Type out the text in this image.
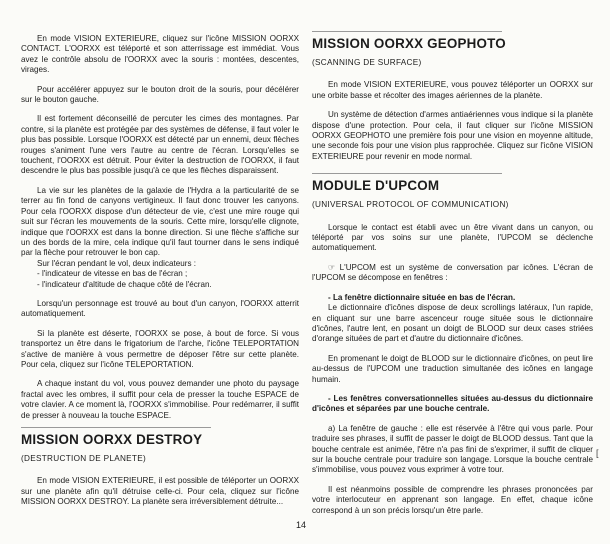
En mode VISION EXTERIEURE, cliquez sur l'icône MISSION OORXX CONTACT. L'OORXX est téléporté et son atterrissage est immédiat. Vous avez le contrôle absolu de l'OORXX avec la souris : montées, descentes, virages.

Pour accélérer appuyez sur le bouton droit de la souris, pour décélérer sur le bouton gauche.

Il est fortement déconseillé de percuter les cimes des montagnes. Par contre, si la planète est protégée par des systèmes de défense, il faut voler le plus bas possible. Lorsque l'OORXX est détecté par un ennemi, deux flèches rouges s'animent l'une vers l'autre au centre de l'écran. Lorsqu'elles se touchent, l'OORXX est détruit. Pour éviter la destruction de l'OORXX, il faut descendre le plus bas possible jusqu'à ce que les flèches disparaissent.

La vie sur les planètes de la galaxie de l'Hydra a la particularité de se terrer au fin fond de canyons vertigineux. Il faut donc trouver les canyons. Pour cela l'OORXX dispose d'un détecteur de vie, c'est une mire rouge qui suit sur l'écran les mouvements de la souris. Cette mire, lorsqu'elle clignote, indique que l'OORXX est dans la bonne direction. Si une flèche s'affiche sur un des bords de la mire, cela indique qu'il faut tourner dans le sens indiqué par la flèche pour retrouver le bon cap.

Sur l'écran pendant le vol, deux indicateurs :
- l'indicateur de vitesse en bas de l'écran ;
- l'indicateur d'altitude de chaque côté de l'écran.

Lorsqu'un personnage est trouvé au bout d'un canyon, l'OORXX atterrit automatiquement.

Si la planète est déserte, l'OORXX se pose, à bout de force. Si vous transportez un être dans le frigatorium de l'arche, l'icône TELEPORTATION s'active de manière à vous permettre de déposer l'être sur cette planète. Pour cela, cliquez sur l'icône TELEPORTATION.

A chaque instant du vol, vous pouvez demander une photo du paysage fractal avec les ombres, il suffit pour cela de presser la touche ESPACE de votre clavier. A ce moment là, l'OORXX s'immobilise. Pour redémarrer, il suffit de presser à nouveau la touche ESPACE.

MISSION OORXX DESTROY
(DESTRUCTION DE PLANETE)

En mode VISION EXTERIEURE, il est possible de téléporter un OORXX sur une planète afin qu'il détruise celle-ci. Pour cela, cliquez sur l'icône MISSION OORXX DESTROY. La planète sera irréversiblement détruite...

MISSION OORXX GEOPHOTO
(SCANNING DE SURFACE)

En mode VISION EXTERIEURE, vous pouvez téléporter un OORXX sur une orbite basse et récolter des images aériennes de la planète.

Un système de détection d'armes antiaériennes vous indique si la planète dispose d'une protection. Pour cela, il faut cliquer sur l'icône MISSION OORXX GEOPHOTO une première fois pour une vision en moyenne altitude, une seconde fois pour une vision plus rapprochée. Cliquez sur l'icône VISION EXTERIEURE pour revenir en mode normal.

MODULE D'UPCOM
(UNIVERSAL PROTOCOL OF COMMUNICATION)

Lorsque le contact est établi avec un être vivant dans un canyon, ou téléporté par vos soins sur une planète, l'UPCOM se déclenche automatiquement.

☞ L'UPCOM est un système de conversation par icônes. L'écran de l'UPCOM se décompose en fenêtres :

- La fenêtre dictionnaire située en bas de l'écran.

Le dictionnaire d'icônes dispose de deux scrollings latéraux, l'un rapide, en cliquant sur une barre ascenceur rouge située sous le dictionnaire d'icônes, l'autre lent, en posant un doigt de BLOOD sur deux cases striées d'orange situées de part et d'autre du dictionnaire d'icônes.

En promenant le doigt de BLOOD sur le dictionnaire d'icônes, on peut lire au-dessus de l'UPCOM une traduction simultanée des icônes en langage humain.

- Les fenêtres conversationnelles situées au-dessus du dictionnaire d'icônes et séparées par une bouche centrale.

a) La fenêtre de gauche : elle est réservée à l'être qui vous parle. Pour traduire ses phrases, il suffit de passer le doigt de BLOOD dessus. Tant que la bouche centrale est animée, l'être n'a pas fini de s'exprimer, il suffit de cliquer sur la bouche centrale pour traduire son langage. Lorsque la bouche centrale s'immobilise, vous pouvez vous exprimer à votre tour.

Il est néanmoins possible de comprendre les phrases prononcées par votre interlocuteur en apprenant son langage. En effet, chaque icône correspond à un son précis lorsqu'un être parle.

14
[
